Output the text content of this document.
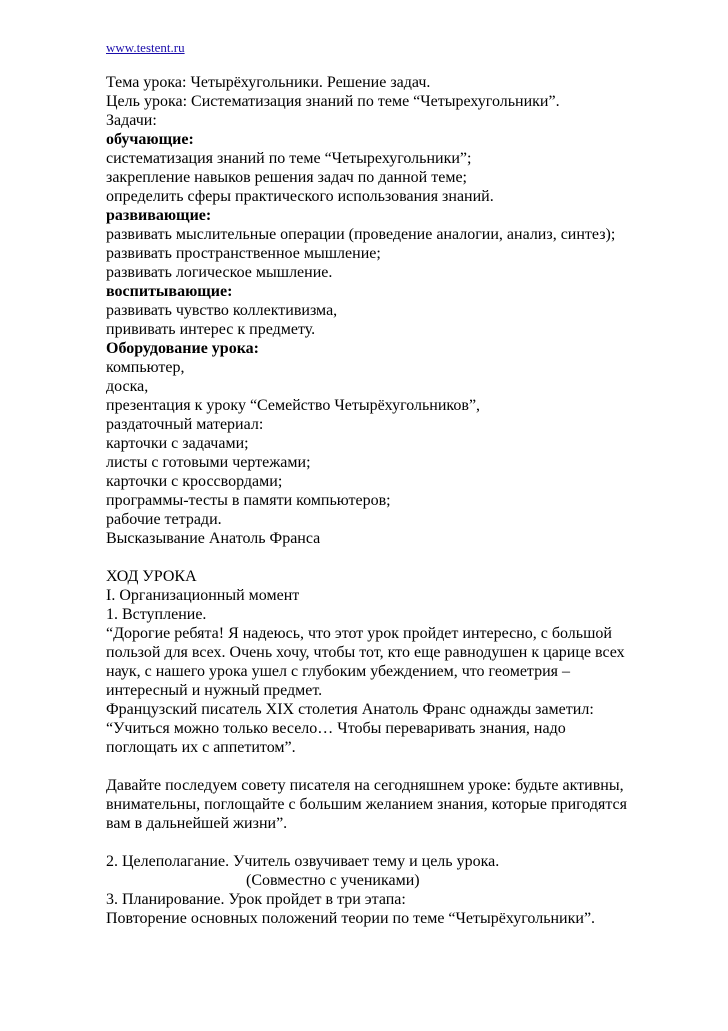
www.testent.ru
Тема урока: Четырёхугольники. Решение задач.
Цель урока: Систематизация знаний по теме “Четырехугольники”.
Задачи:
обучающие:
систематизация знаний по теме “Четырехугольники”;
закрепление навыков решения задач по данной теме;
определить сферы практического использования знаний.
развивающие:
развивать мыслительные операции (проведение аналогии, анализ, синтез);
развивать пространственное мышление;
развивать логическое мышление.
воспитывающие:
развивать чувство коллективизма,
прививать интерес к предмету.
Оборудование урока:
компьютер,
доска,
презентация к уроку “Семейство Четырёхугольников”,
раздаточный материал:
карточки с задачами;
листы с готовыми чертежами;
карточки с кроссвордами;
программы-тесты в памяти компьютеров;
рабочие тетради.
Высказывание Анатоль Франса
ХОД УРОКА
I. Организационный момент
1. Вступление.
“Дорогие ребята! Я надеюсь, что этот урок пройдет интересно, с большой
пользой для всех. Очень хочу, чтобы тот, кто еще равнодушен к царице всех
наук, с нашего урока ушел с глубоким убеждением, что геометрия –
интересный и нужный предмет.
Французский писатель XIX столетия Анатоль Франс однажды заметил:
“Учиться можно только весело… Чтобы переваривать знания, надо
поглощать их с аппетитом”.
Давайте последуем совету писателя на сегодняшнем уроке: будьте активны,
внимательны, поглощайте с большим желанием знания, которые пригодятся
вам в дальнейшей жизни”.
2. Целеполагание. Учитель озвучивает тему и цель урока.
(Совместно с учениками)
3. Планирование. Урок пройдет в три этапа:
Повторение основных положений теории по теме “Четырёхугольники”.
